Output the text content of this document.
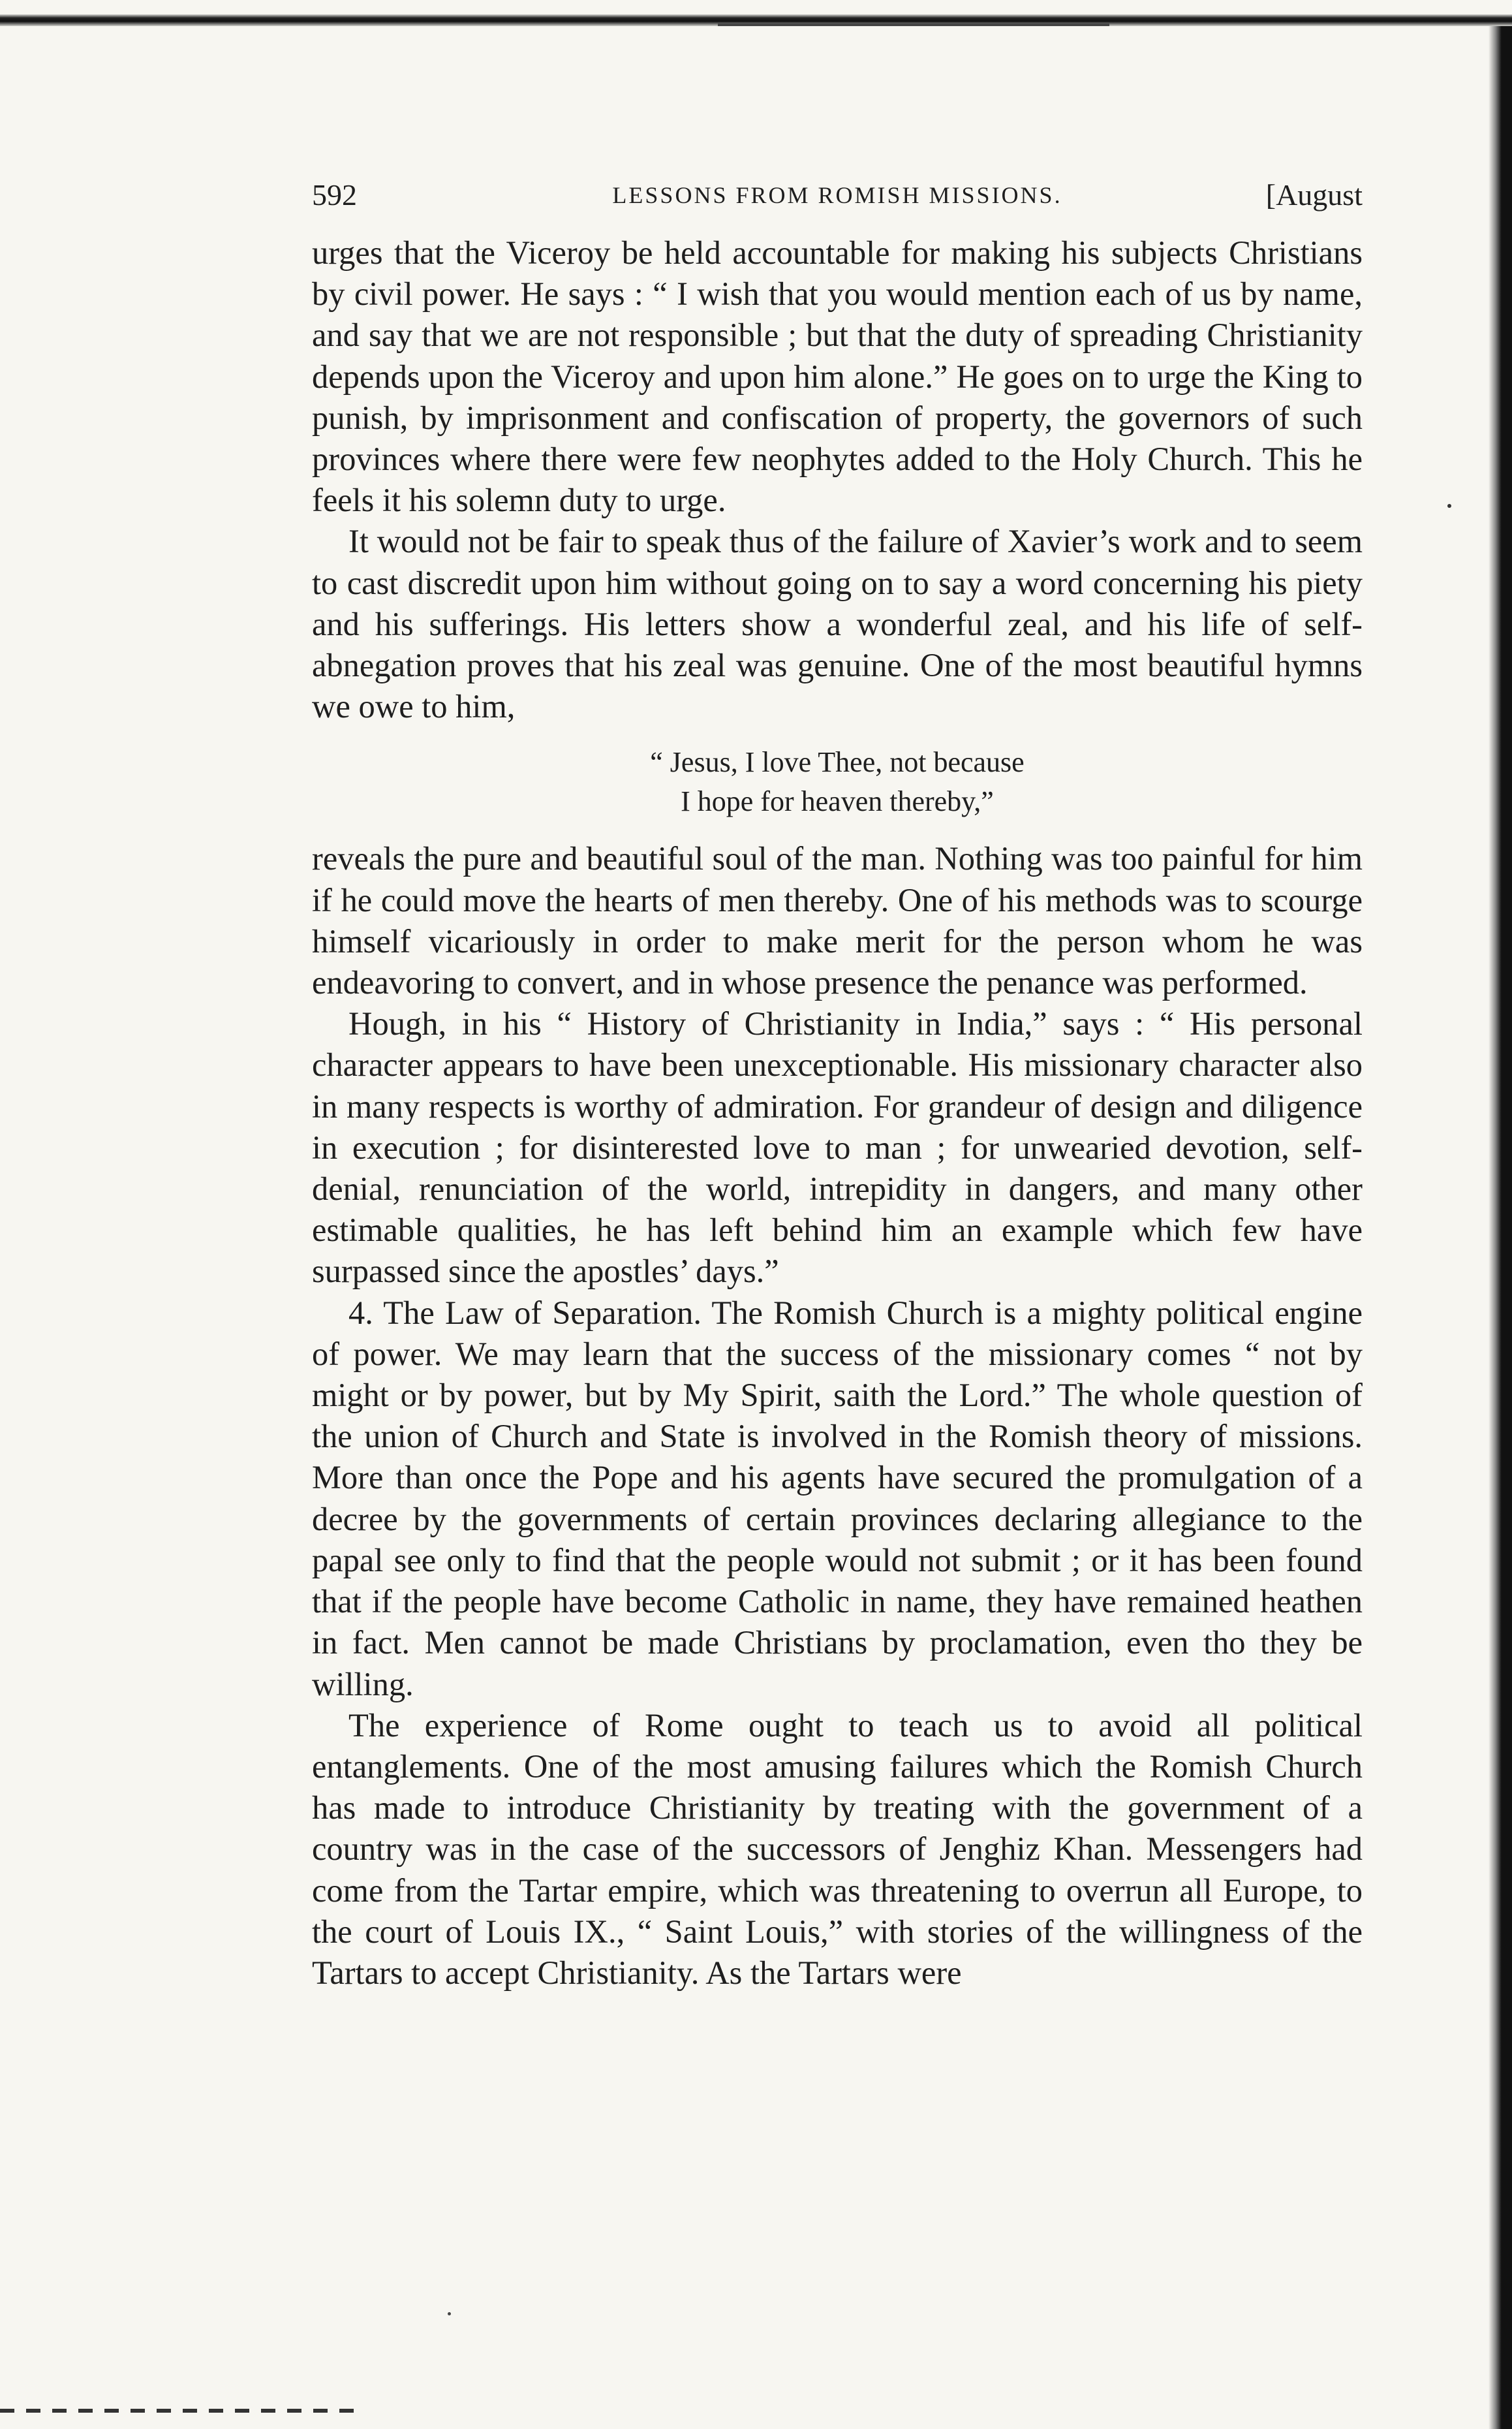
592	LESSONS FROM ROMISH MISSIONS.	[August

urges that the Viceroy be held accountable for making his subjects Christians by civil power. He says : “ I wish that you would mention each of us by name, and say that we are not responsible ; but that the duty of spreading Christianity depends upon the Viceroy and upon him alone.” He goes on to urge the King to punish, by imprisonment and confiscation of property, the governors of such provinces where there were few neophytes added to the Holy Church. This he feels it his solemn duty to urge.

It would not be fair to speak thus of the failure of Xavier’s work and to seem to cast discredit upon him without going on to say a word concerning his piety and his sufferings. His letters show a wonderful zeal, and his life of self-abnegation proves that his zeal was genuine. One of the most beautiful hymns we owe to him,

“ Jesus, I love Thee, not because
I hope for heaven thereby,”

reveals the pure and beautiful soul of the man. Nothing was too painful for him if he could move the hearts of men thereby. One of his methods was to scourge himself vicariously in order to make merit for the person whom he was endeavoring to convert, and in whose presence the penance was performed.

Hough, in his “ History of Christianity in India,” says : “ His personal character appears to have been unexceptionable. His missionary character also in many respects is worthy of admiration. For grandeur of design and diligence in execution ; for disinterested love to man ; for unwearied devotion, self-denial, renunciation of the world, intrepidity in dangers, and many other estimable qualities, he has left behind him an example which few have surpassed since the apostles’ days.”

4. The Law of Separation. The Romish Church is a mighty political engine of power. We may learn that the success of the missionary comes “ not by might or by power, but by My Spirit, saith the Lord.” The whole question of the union of Church and State is involved in the Romish theory of missions. More than once the Pope and his agents have secured the promulgation of a decree by the governments of certain provinces declaring allegiance to the papal see only to find that the people would not submit ; or it has been found that if the people have become Catholic in name, they have remained heathen in fact. Men cannot be made Christians by proclamation, even tho they be willing.

The experience of Rome ought to teach us to avoid all political entanglements. One of the most amusing failures which the Romish Church has made to introduce Christianity by treating with the government of a country was in the case of the successors of Jenghiz Khan. Messengers had come from the Tartar empire, which was threatening to overrun all Europe, to the court of Louis IX., “ Saint Louis,” with stories of the willingness of the Tartars to accept Christianity. As the Tartars were
